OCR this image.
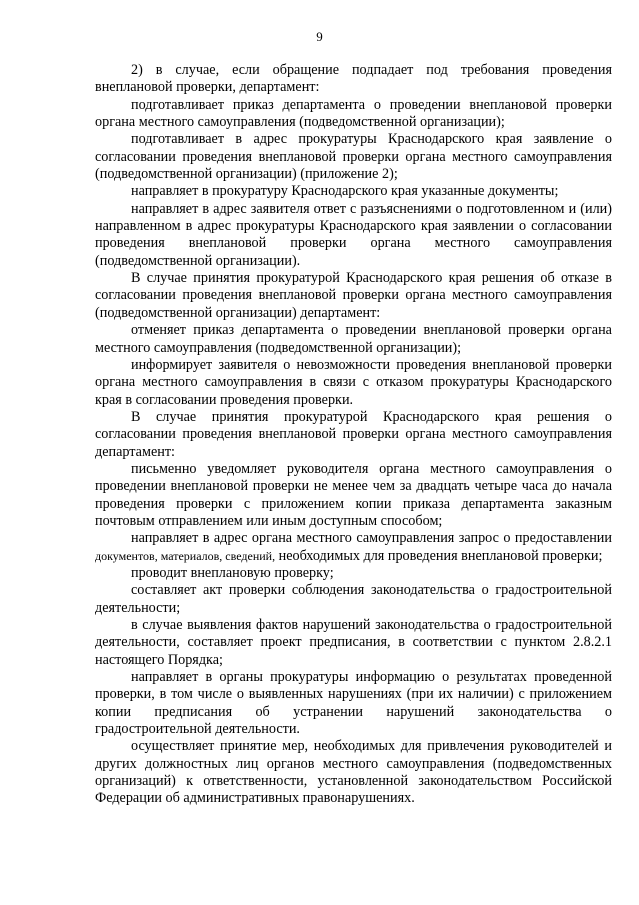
9

2) в случае, если обращение подпадает под требования проведения внеплановой проверки, департамент:

подготавливает приказ департамента о проведении внеплановой проверки органа местного самоуправления (подведомственной организации);

подготавливает в адрес прокуратуры Краснодарского края заявление о согласовании проведения внеплановой проверки органа местного самоуправления (подведомственной организации) (приложение 2);

направляет в прокуратуру Краснодарского края указанные документы;

направляет в адрес заявителя ответ с разъяснениями о подготовленном и (или) направленном в адрес прокуратуры Краснодарского края заявлении о согласовании проведения внеплановой проверки органа местного самоуправления (подведомственной организации).

В случае принятия прокуратурой Краснодарского края решения об отказе в согласовании проведения внеплановой проверки органа местного самоуправления (подведомственной организации) департамент:

отменяет приказ департамента о проведении внеплановой проверки органа местного самоуправления (подведомственной организации);

информирует заявителя о невозможности проведения внеплановой проверки органа местного самоуправления в связи с отказом прокуратуры Краснодарского края в согласовании проведения проверки.

В случае принятия прокуратурой Краснодарского края решения о согласовании проведения внеплановой проверки органа местного самоуправления департамент:

письменно уведомляет руководителя органа местного самоуправления о проведении внеплановой проверки не менее чем за двадцать четыре часа до начала проведения проверки с приложением копии приказа департамента заказным почтовым отправлением или иным доступным способом;

направляет в адрес органа местного самоуправления запрос о предоставлении документов, материалов, сведений, необходимых для проведения внеплановой проверки;

проводит внеплановую проверку;

составляет акт проверки соблюдения законодательства о градостроительной деятельности;

в случае выявления фактов нарушений законодательства о градостроительной деятельности, составляет проект предписания, в соответствии с пунктом 2.8.2.1 настоящего Порядка;

направляет в органы прокуратуры информацию о результатах проведенной проверки, в том числе о выявленных нарушениях (при их наличии) с приложением копии предписания об устранении нарушений законодательства о градостроительной деятельности.

осуществляет принятие мер, необходимых для привлечения руководителей и других должностных лиц органов местного самоуправления (подведомственных организаций) к ответственности, установленной законодательством Российской Федерации об административных правонарушениях.
